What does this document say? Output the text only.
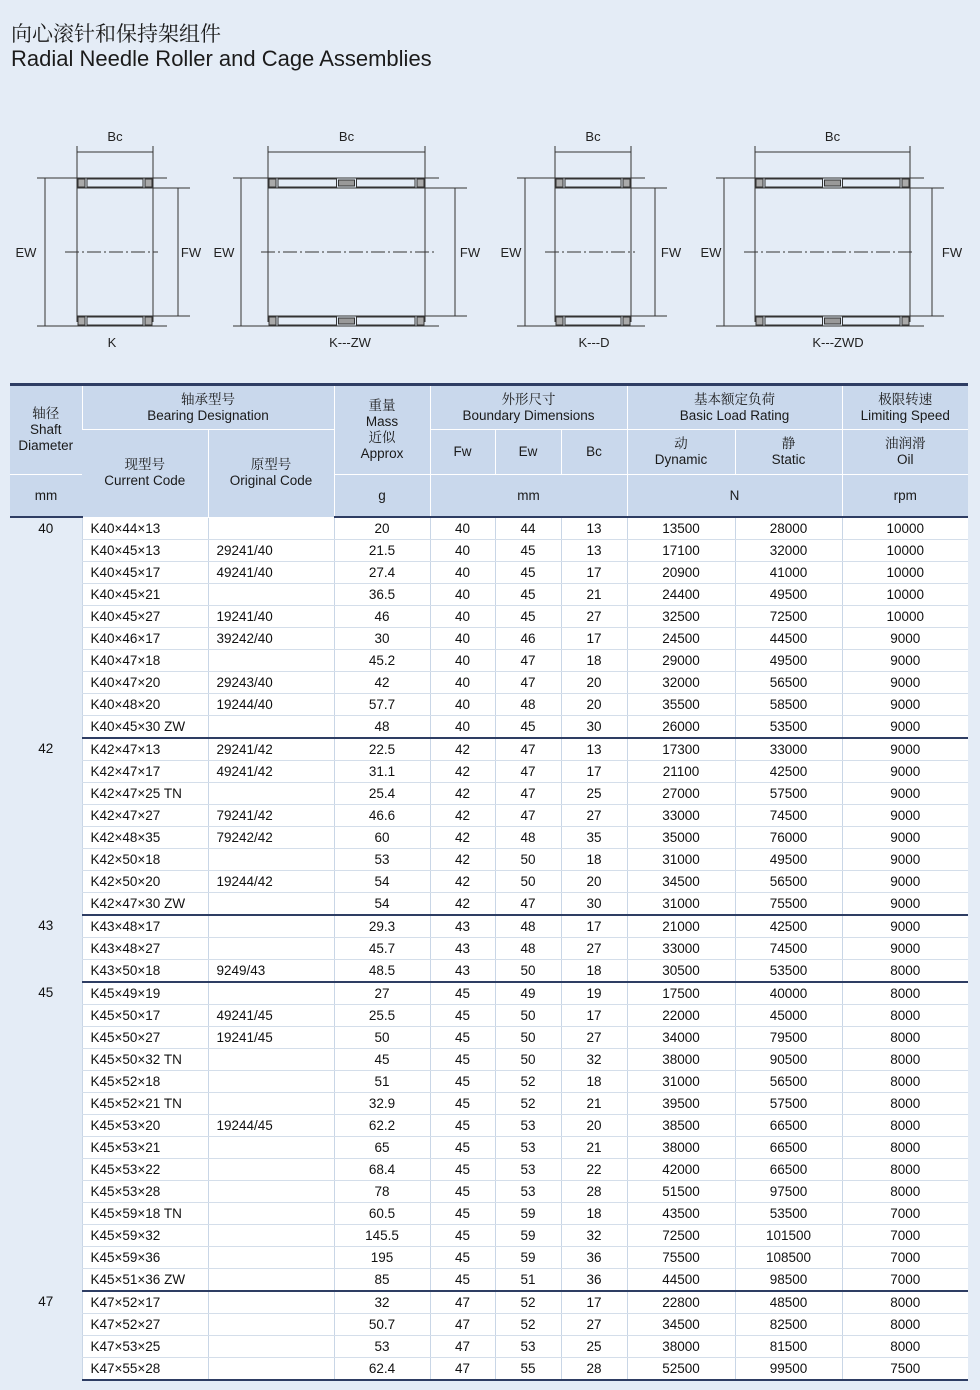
向心滚针和保持架组件
Radial Needle Roller and Cage Assemblies
Bc
EW	FW
K
Bc
EW	FW
K---ZW
Bc
EW	FW
K---D
Bc
EW	FW
K---ZWD
轴径
Shaft
Diameter	轴承型号
Bearing Designation		重量
Mass
近似
Approx	外形尺寸
Boundary Dimensions			基本额定负荷
Basic Load Rating		极限转速
Limiting Speed

	现型号
Current Code	原型号
Original Code		Fw	Ew	Bc	动
Dynamic	静
Static	油润滑
Oil

mm			g	mm			N		rpm
40	K40×44×13		20	40	44	13	13500	28000	10000
	K40×45×13	29241/40	21.5	40	45	13	17100	32000	10000
	K40×45×17	49241/40	27.4	40	45	17	20900	41000	10000
	K40×45×21		36.5	40	45	21	24400	49500	10000
	K40×45×27	19241/40	46	40	45	27	32500	72500	10000
	K40×46×17	39242/40	30	40	46	17	24500	44500	9000
	K40×47×18		45.2	40	47	18	29000	49500	9000
	K40×47×20	29243/40	42	40	47	20	32000	56500	9000
	K40×48×20	19244/40	57.7	40	48	20	35500	58500	9000
	K40×45×30 ZW		48	40	45	30	26000	53500	9000
42	K42×47×13	29241/42	22.5	42	47	13	17300	33000	9000
	K42×47×17	49241/42	31.1	42	47	17	21100	42500	9000
	K42×47×25 TN		25.4	42	47	25	27000	57500	9000
	K42×47×27	79241/42	46.6	42	47	27	33000	74500	9000
	K42×48×35	79242/42	60	42	48	35	35000	76000	9000
	K42×50×18		53	42	50	18	31000	49500	9000
	K42×50×20	19244/42	54	42	50	20	34500	56500	9000
	K42×47×30 ZW		54	42	47	30	31000	75500	9000
43	K43×48×17		29.3	43	48	17	21000	42500	9000
	K43×48×27		45.7	43	48	27	33000	74500	9000
	K43×50×18	9249/43	48.5	43	50	18	30500	53500	8000
45	K45×49×19		27	45	49	19	17500	40000	8000
	K45×50×17	49241/45	25.5	45	50	17	22000	45000	8000
	K45×50×27	19241/45	50	45	50	27	34000	79500	8000
	K45×50×32 TN		45	45	50	32	38000	90500	8000
	K45×52×18		51	45	52	18	31000	56500	8000
	K45×52×21 TN		32.9	45	52	21	39500	57500	8000
	K45×53×20	19244/45	62.2	45	53	20	38500	66500	8000
	K45×53×21		65	45	53	21	38000	66500	8000
	K45×53×22		68.4	45	53	22	42000	66500	8000
	K45×53×28		78	45	53	28	51500	97500	8000
	K45×59×18 TN		60.5	45	59	18	43500	53500	7000
	K45×59×32		145.5	45	59	32	72500	101500	7000
	K45×59×36		195	45	59	36	75500	108500	7000
	K45×51×36 ZW		85	45	51	36	44500	98500	7000
47	K47×52×17		32	47	52	17	22800	48500	8000
	K47×52×27		50.7	47	52	27	34500	82500	8000
	K47×53×25		53	47	53	25	38000	81500	8000
	K47×55×28		62.4	47	55	28	52500	99500	7500
